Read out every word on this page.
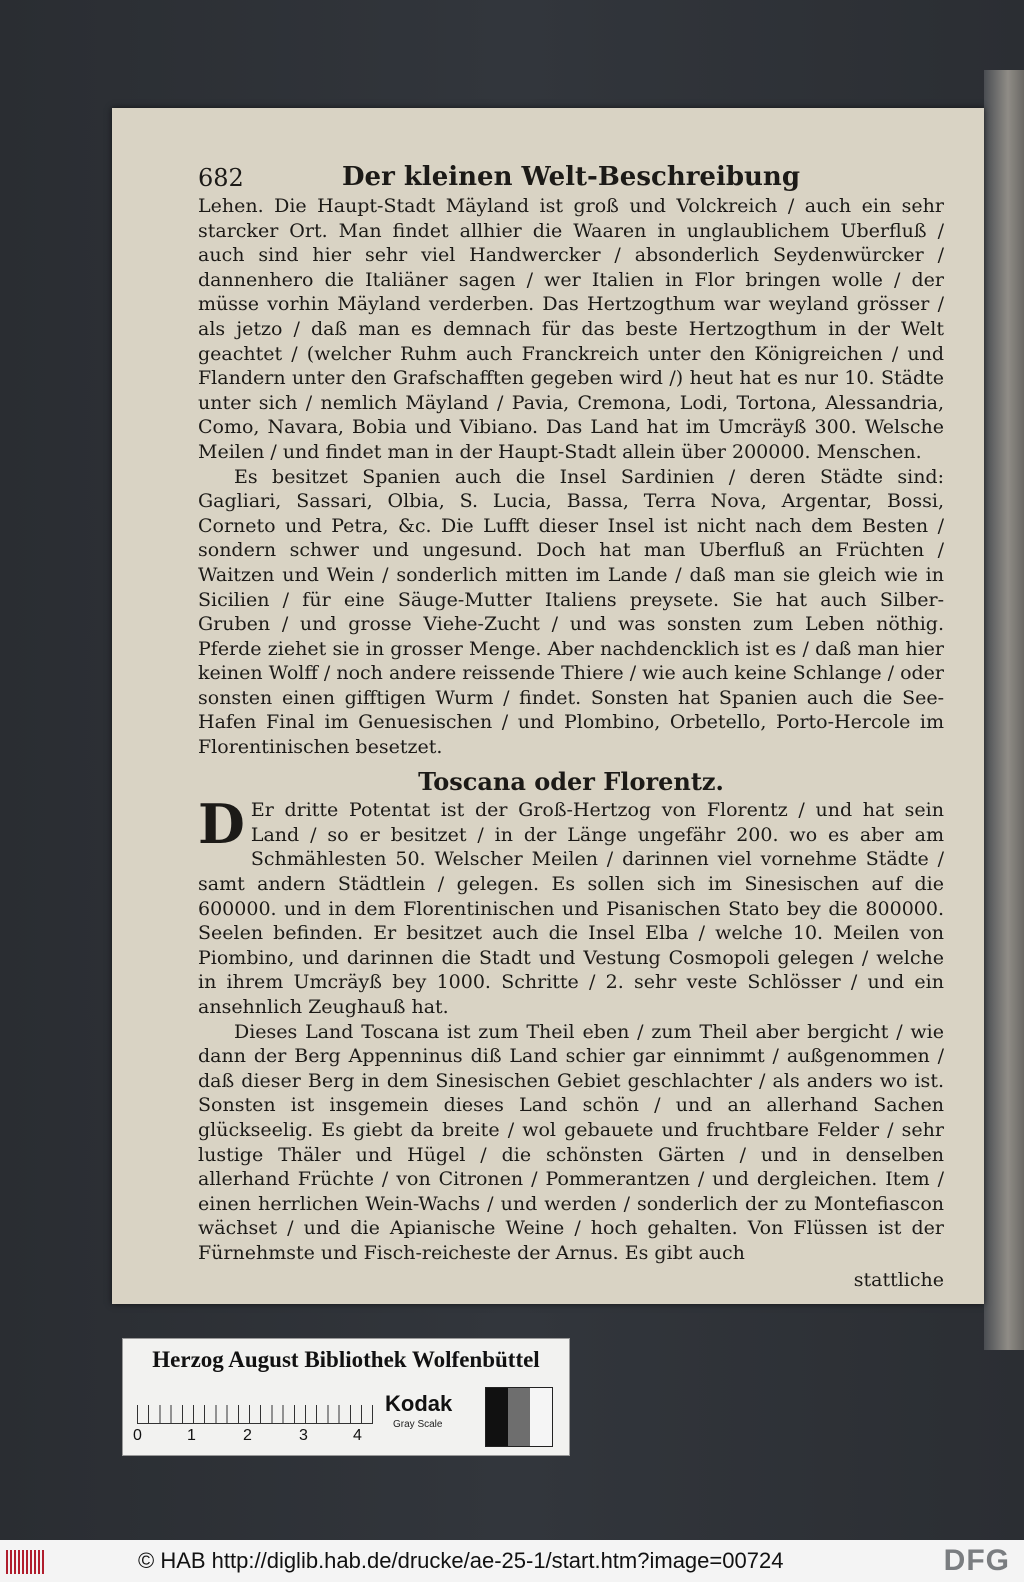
682	Der kleinen Welt-Beschreibung

Lehen. Die Haupt-Stadt Mäyland ist groß und Volckreich / auch ein sehr starcker Ort. Man findet allhier die Waaren in unglaublichem Uberfluß / auch sind hier sehr viel Handwercker / absonderlich Seydenwürcker / dannenhero die Italiäner sagen / wer Italien in Flor bringen wolle / der müsse vorhin Mäyland verderben. Das Hertzogthum war weyland grösser / als jetzo / daß man es demnach für das beste Hertzogthum in der Welt geachtet / (welcher Ruhm auch Franckreich unter den Königreichen / und Flandern unter den Grafschafften gegeben wird /) heut hat es nur 10. Städte unter sich / nemlich Mäyland / Pavia, Cremona, Lodi, Tortona, Alessandria, Como, Navara, Bobia und Vibiano. Das Land hat im Umcräyß 300. Welsche Meilen / und findet man in der Haupt-Stadt allein über 200000. Menschen.

Es besitzet Spanien auch die Insel Sardinien / deren Städte sind: Gagliari, Sassari, Olbia, S. Lucia, Bassa, Terra Nova, Argentar, Bossi, Corneto und Petra, &c. Die Lufft dieser Insel ist nicht nach dem Besten / sondern schwer und ungesund. Doch hat man Uberfluß an Früchten / Waitzen und Wein / sonderlich mitten im Lande / daß man sie gleich wie in Sicilien / für eine Säuge-Mutter Italiens preysete. Sie hat auch Silber-Gruben / und grosse Viehe-Zucht / und was sonsten zum Leben nöthig. Pferde ziehet sie in grosser Menge. Aber nachdencklich ist es / daß man hier keinen Wolff / noch andere reissende Thiere / wie auch keine Schlange / oder sonsten einen gifftigen Wurm / findet. Sonsten hat Spanien auch die See-Hafen Final im Genuesischen / und Plombino, Orbetello, Porto-Hercole im Florentinischen besetzet.

Toscana oder Florentz.

D Er dritte Potentat ist der Groß-Hertzog von Florentz / und hat sein Land / so er besitzet / in der Länge ungefähr 200. wo es aber am Schmählesten 50. Welscher Meilen / darinnen viel vornehme Städte / samt andern Städtlein / gelegen. Es sollen sich im Sinesischen auf die 600000. und in dem Florentinischen und Pisanischen Stato bey die 800000. Seelen befinden. Er besitzet auch die Insel Elba / welche 10. Meilen von Piombino, und darinnen die Stadt und Vestung Cosmopoli gelegen / welche in ihrem Umcräyß bey 1000. Schritte / 2. sehr veste Schlösser / und ein ansehnlich Zeughauß hat.

Dieses Land Toscana ist zum Theil eben / zum Theil aber bergicht / wie dann der Berg Appenninus diß Land schier gar einnimmt / außgenommen / daß dieser Berg in dem Sinesischen Gebiet geschlachter / als anders wo ist. Sonsten ist insgemein dieses Land schön / und an allerhand Sachen glückseelig. Es giebt da breite / wol gebauete und fruchtbare Felder / sehr lustige Thäler und Hügel / die schönsten Gärten / und in denselben allerhand Früchte / von Citronen / Pommerantzen / und dergleichen. Item / einen herrlichen Wein-Wachs / und werden / sonderlich der zu Montefiascon wächset / und die Apianische Weine / hoch gehalten. Von Flüssen ist der Fürnehmste und Fisch-reicheste der Arnus. Es gibt auch

stattliche

Herzog August Bibliothek Wolfenbüttel
0	1	2	3	4
Kodak
Gray Scale
© HAB http://diglib.hab.de/drucke/ae-25-1/start.htm?image=00724	DFG
